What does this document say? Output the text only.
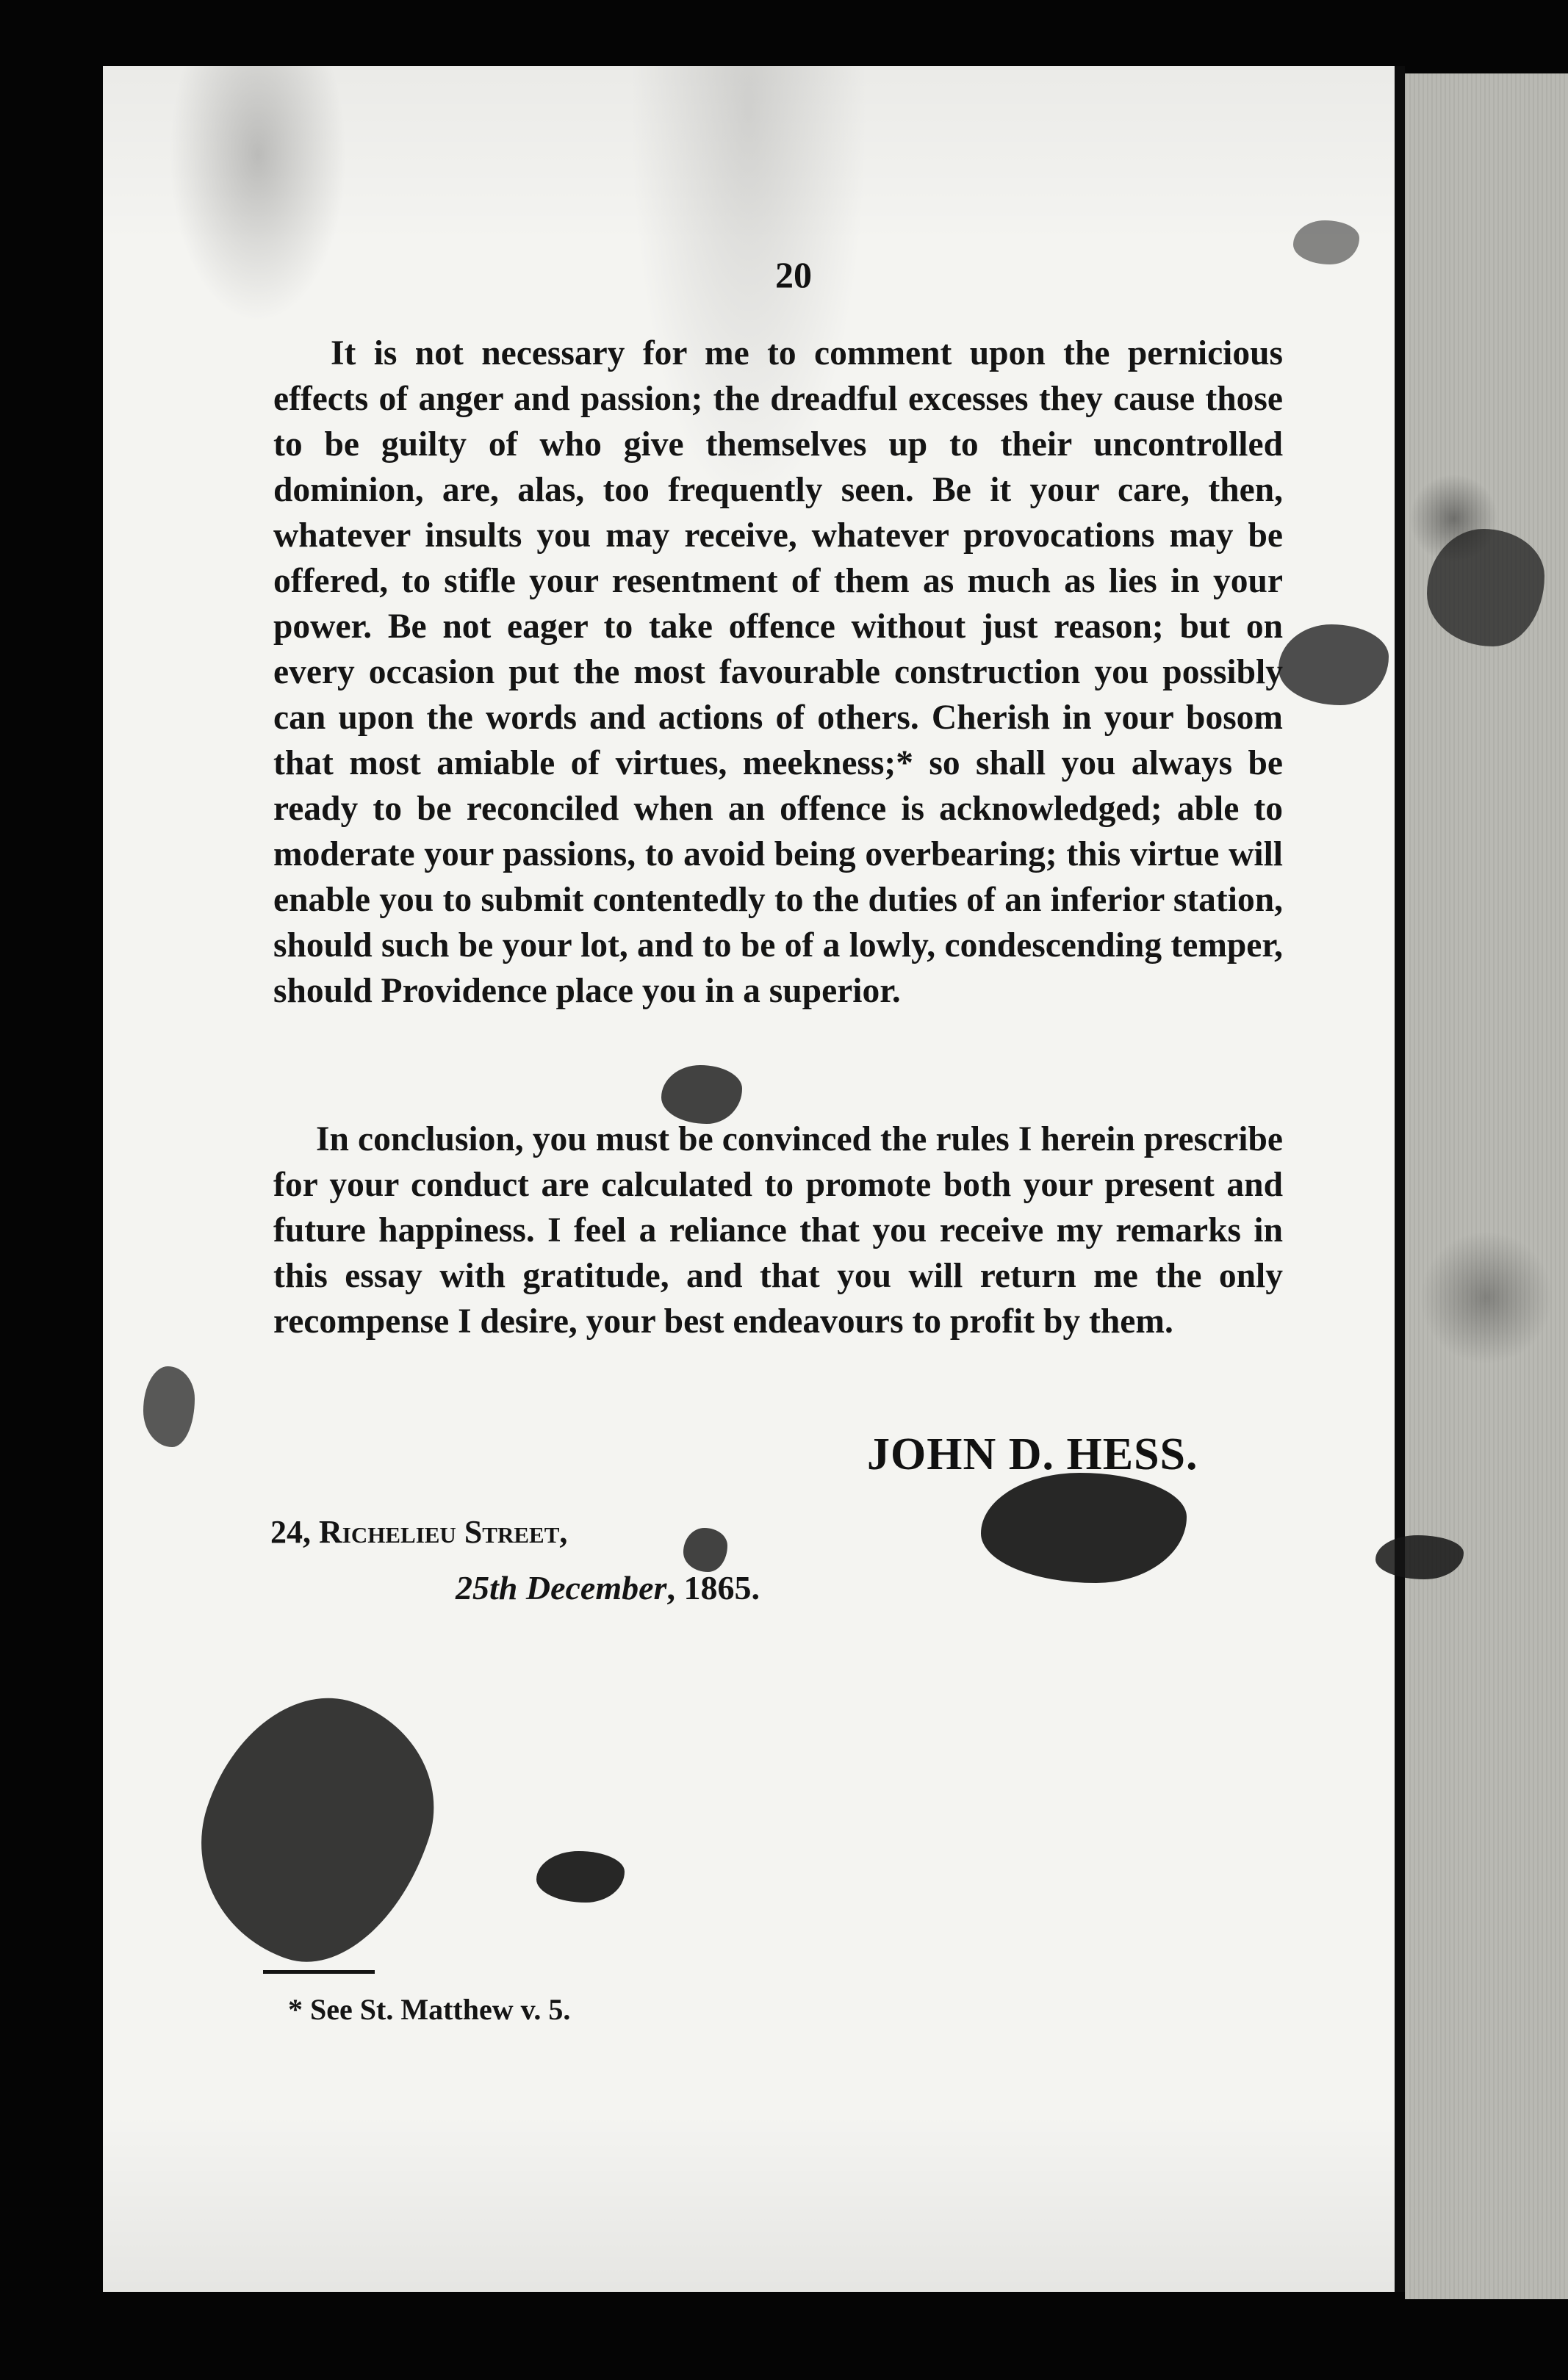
20

It is not necessary for me to comment upon the pernicious effects of anger and passion; the dreadful excesses they cause those to be guilty of who give themselves up to their uncontrolled dominion, are, alas, too frequently seen. Be it your care, then, whatever insults you may receive, whatever provocations may be offered, to stifle your resentment of them as much as lies in your power. Be not eager to take offence without just reason; but on every occasion put the most favourable construction you possibly can upon the words and actions of others. Cherish in your bosom that most amiable of virtues, meekness;* so shall you always be ready to be reconciled when an offence is acknowledged; able to moderate your passions, to avoid being overbearing; this virtue will enable you to submit contentedly to the duties of an inferior station, should such be your lot, and to be of a lowly, condescending temper, should Providence place you in a superior.

In conclusion, you must be convinced the rules I herein prescribe for your conduct are calculated to promote both your present and future happiness. I feel a reliance that you receive my remarks in this essay with gratitude, and that you will return me the only recompense I desire, your best endeavours to profit by them.

JOHN D. HESS.
24, Richelieu Street,
25th December, 1865.
* See St. Matthew v. 5.
